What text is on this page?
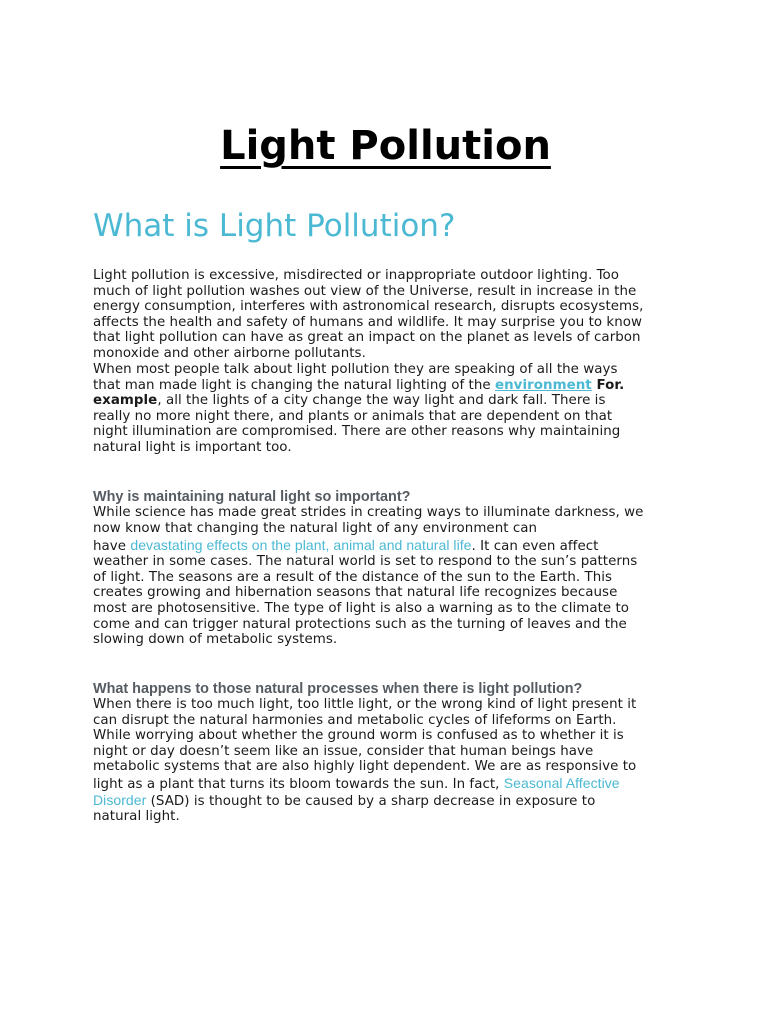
Light Pollution
What is Light Pollution?
Light pollution is excessive, misdirected or inappropriate outdoor lighting. Too
much of light pollution washes out view of the Universe, result in increase in the
energy consumption, interferes with astronomical research, disrupts ecosystems,
affects the health and safety of humans and wildlife. It may surprise you to know
that light pollution can have as great an impact on the planet as levels of carbon
monoxide and other airborne pollutants.
When most people talk about light pollution they are speaking of all the ways
that man made light is changing the natural lighting of the environment For.
example, all the lights of a city change the way light and dark fall. There is
really no more night there, and plants or animals that are dependent on that
night illumination are compromised. There are other reasons why maintaining
natural light is important too.
Why is maintaining natural light so important?
While science has made great strides in creating ways to illuminate darkness, we
now know that changing the natural light of any environment can
have devastating effects on the plant, animal and natural life. It can even affect
weather in some cases. The natural world is set to respond to the sun’s patterns
of light. The seasons are a result of the distance of the sun to the Earth. This
creates growing and hibernation seasons that natural life recognizes because
most are photosensitive. The type of light is also a warning as to the climate to
come and can trigger natural protections such as the turning of leaves and the
slowing down of metabolic systems.
What happens to those natural processes when there is light pollution?
When there is too much light, too little light, or the wrong kind of light present it
can disrupt the natural harmonies and metabolic cycles of lifeforms on Earth.
While worrying about whether the ground worm is confused as to whether it is
night or day doesn’t seem like an issue, consider that human beings have
metabolic systems that are also highly light dependent. We are as responsive to
light as a plant that turns its bloom towards the sun. In fact, Seasonal Affective
Disorder (SAD) is thought to be caused by a sharp decrease in exposure to
natural light.
